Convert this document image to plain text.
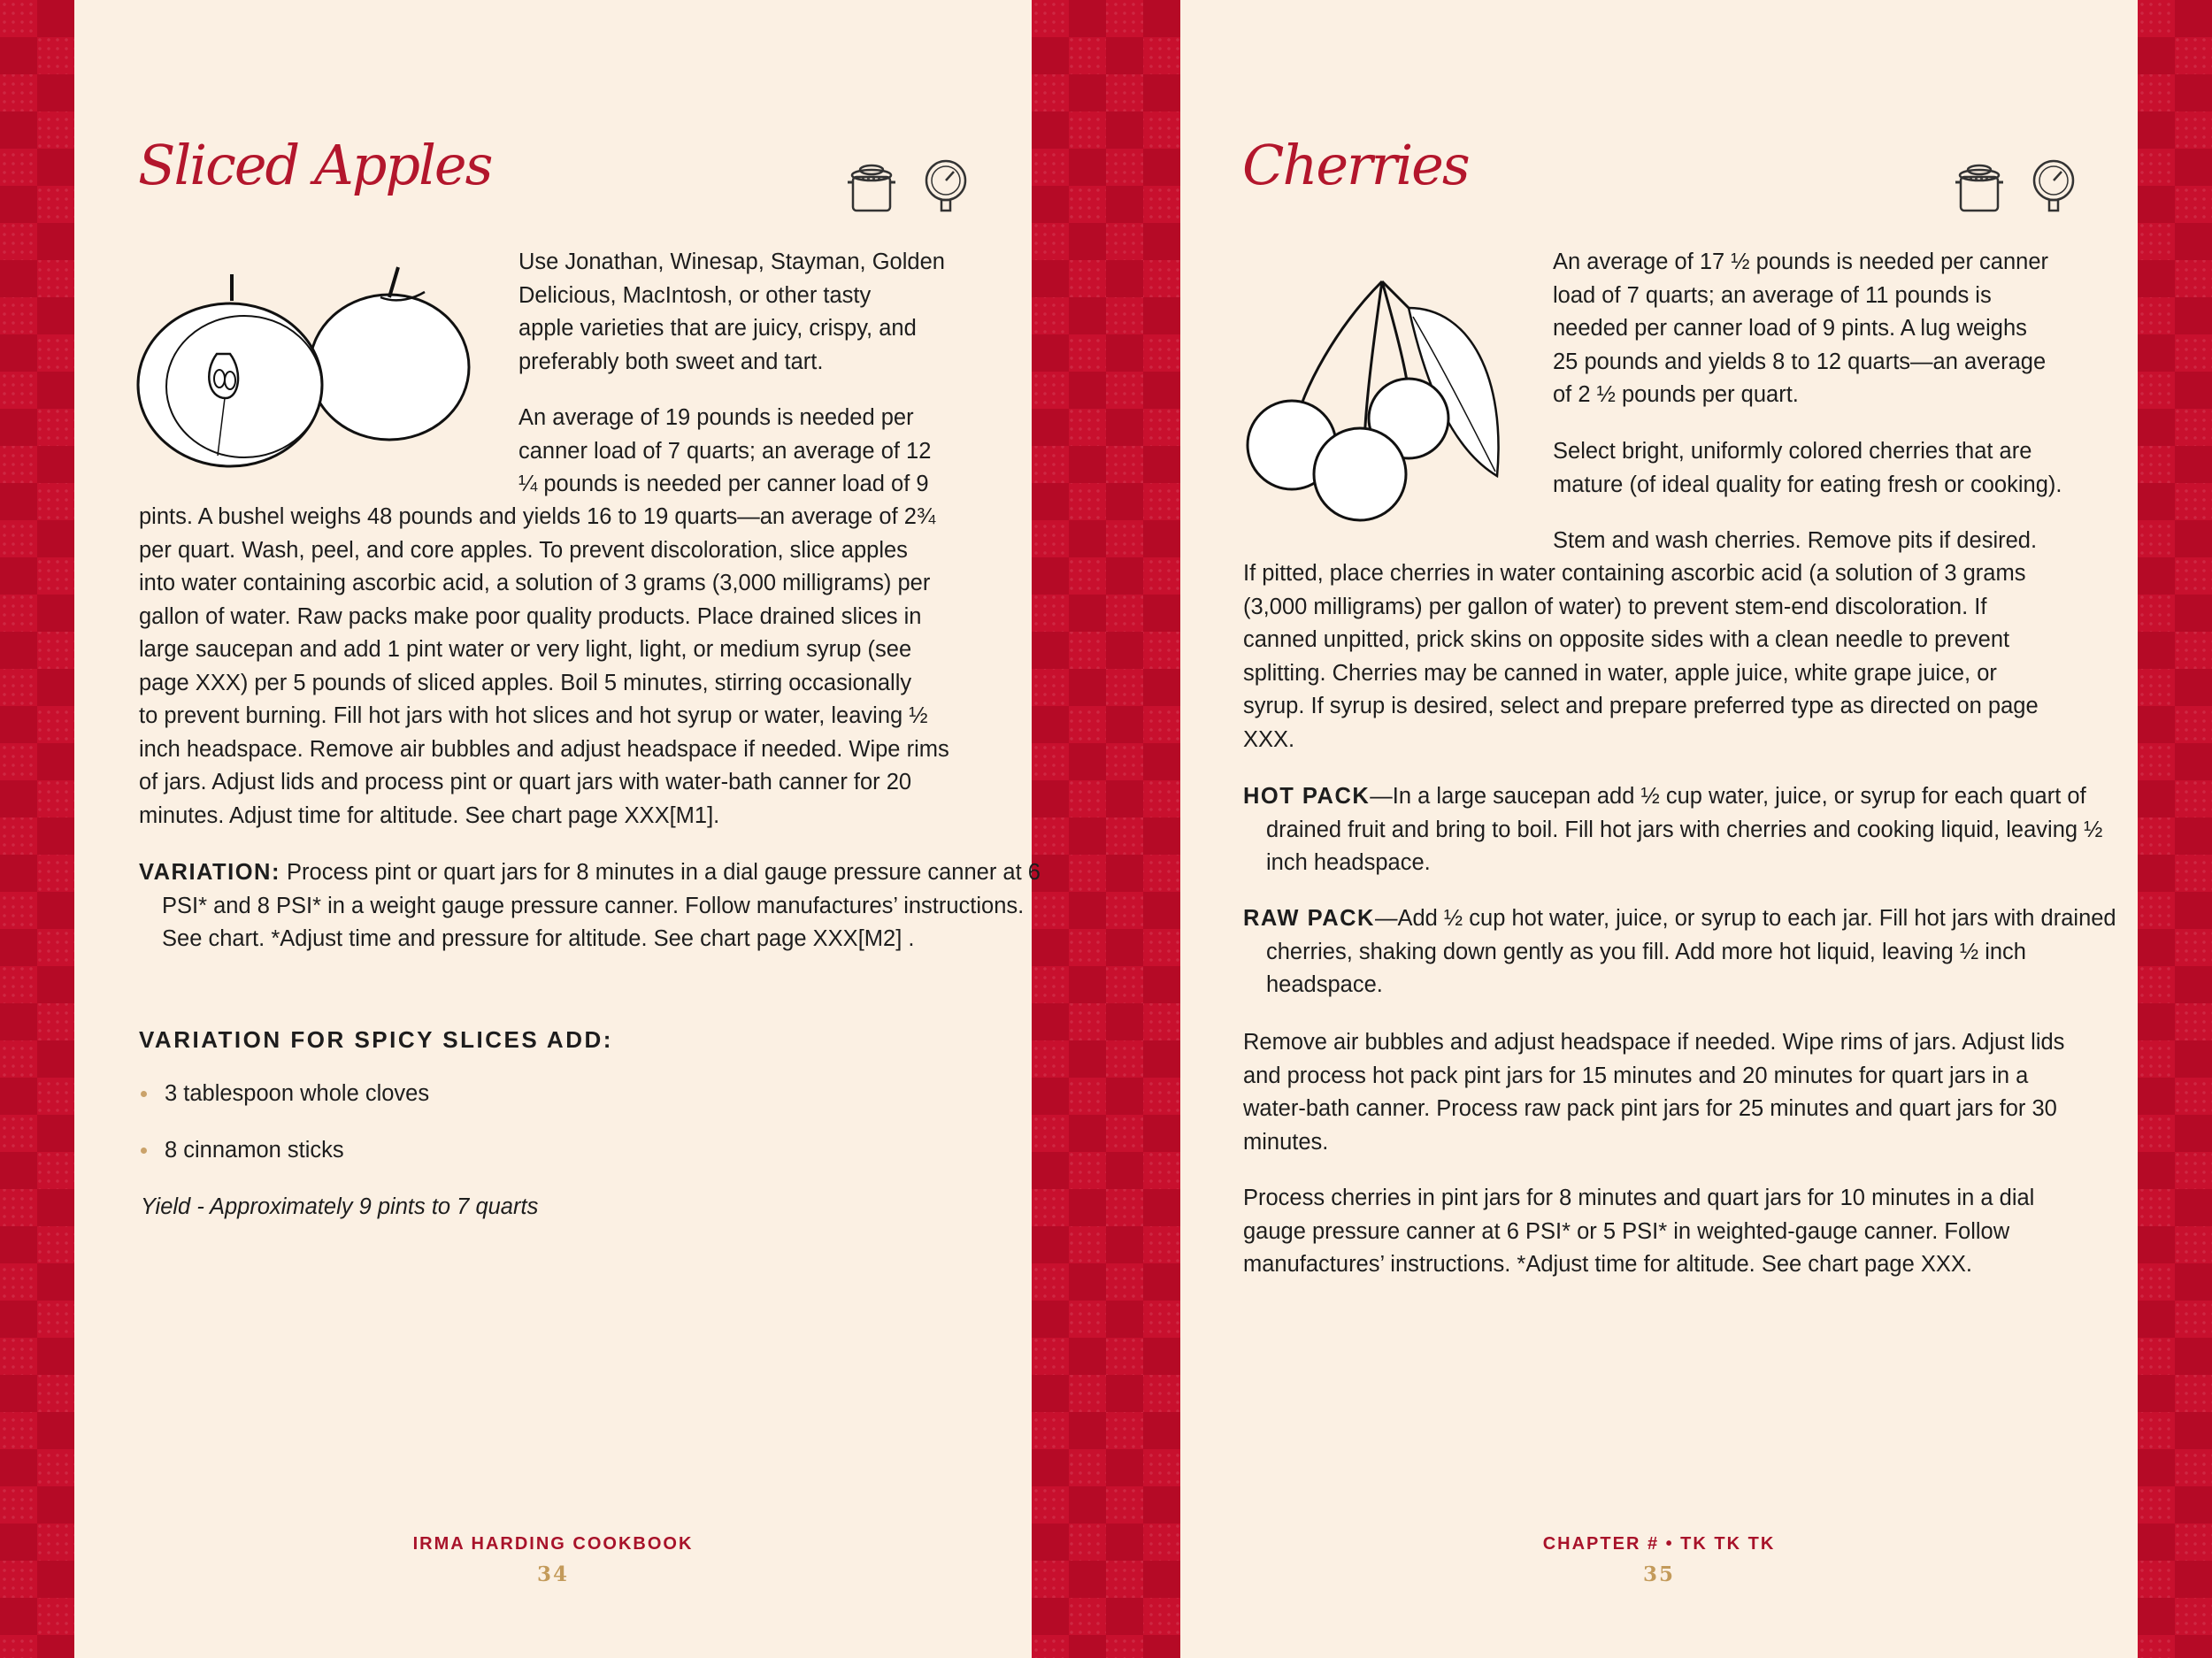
Sliced Apples
Use Jonathan, Winesap, Stayman, Golden
Delicious, MacIntosh, or other tasty
apple varieties that are juicy, crispy, and
preferably both sweet and tart.
An average of 19 pounds is needed per
canner load of 7 quarts; an average of 12
¼ pounds is needed per canner load of 9
pints. A bushel weighs 48 pounds and yields 16 to 19 quarts—an average of 2¾
per quart. Wash, peel, and core apples. To prevent discoloration, slice apples
into water containing ascorbic acid, a solution of 3 grams (3,000 milligrams) per
gallon of water. Raw packs make poor quality products. Place drained slices in
large saucepan and add 1 pint water or very light, light, or medium syrup (see
page XXX) per 5 pounds of sliced apples. Boil 5 minutes, stirring occasionally
to prevent burning. Fill hot jars with hot slices and hot syrup or water, leaving ½
inch headspace. Remove air bubbles and adjust headspace if needed. Wipe rims
of jars. Adjust lids and process pint or quart jars with water-bath canner for 20
minutes. Adjust time for altitude. See chart page XXX[M1].

VARIATION: Process pint or quart jars for 8 minutes in a dial gauge pressure canner at 6 PSI* and 8 PSI* in a weight gauge pressure canner. Follow manufactures’ instructions. See chart. *Adjust time and pressure for altitude. See chart page XXX[M2] .

VARIATION FOR SPICY SLICES ADD:
3 tablespoon whole cloves
8 cinnamon sticks

Yield - Approximately 9 pints to 7 quarts

IRMA HARDING COOKBOOK
34
Cherries
An average of 17 ½ pounds is needed per canner
load of 7 quarts; an average of 11 pounds is
needed per canner load of 9 pints. A lug weighs
25 pounds and yields 8 to 12 quarts—an average
of 2 ½ pounds per quart.
Select bright, uniformly colored cherries that are
mature (of ideal quality for eating fresh or cooking).
Stem and wash cherries. Remove pits if desired.
If pitted, place cherries in water containing ascorbic acid (a solution of 3 grams
(3,000 milligrams) per gallon of water) to prevent stem-end discoloration. If
canned unpitted, prick skins on opposite sides with a clean needle to prevent
splitting. Cherries may be canned in water, apple juice, white grape juice, or
syrup. If syrup is desired, select and prepare preferred type as directed on page
XXX.

HOT PACK—In a large saucepan add ½ cup water, juice, or syrup for each quart of drained fruit and bring to boil. Fill hot jars with cherries and cooking liquid, leaving ½ inch headspace.

RAW PACK—Add ½ cup hot water, juice, or syrup to each jar. Fill hot jars with drained cherries, shaking down gently as you fill. Add more hot liquid, leaving ½ inch headspace.

Remove air bubbles and adjust headspace if needed. Wipe rims of jars. Adjust lids and process hot pack pint jars for 15 minutes and 20 minutes for quart jars in a water-bath canner. Process raw pack pint jars for 25 minutes and quart jars for 30 minutes.

Process cherries in pint jars for 8 minutes and quart jars for 10 minutes in a dial gauge pressure canner at 6 PSI* or 5 PSI* in weighted-gauge canner. Follow manufactures’ instructions. *Adjust time for altitude. See chart page XXX.

CHAPTER # • TK TK TK
35
